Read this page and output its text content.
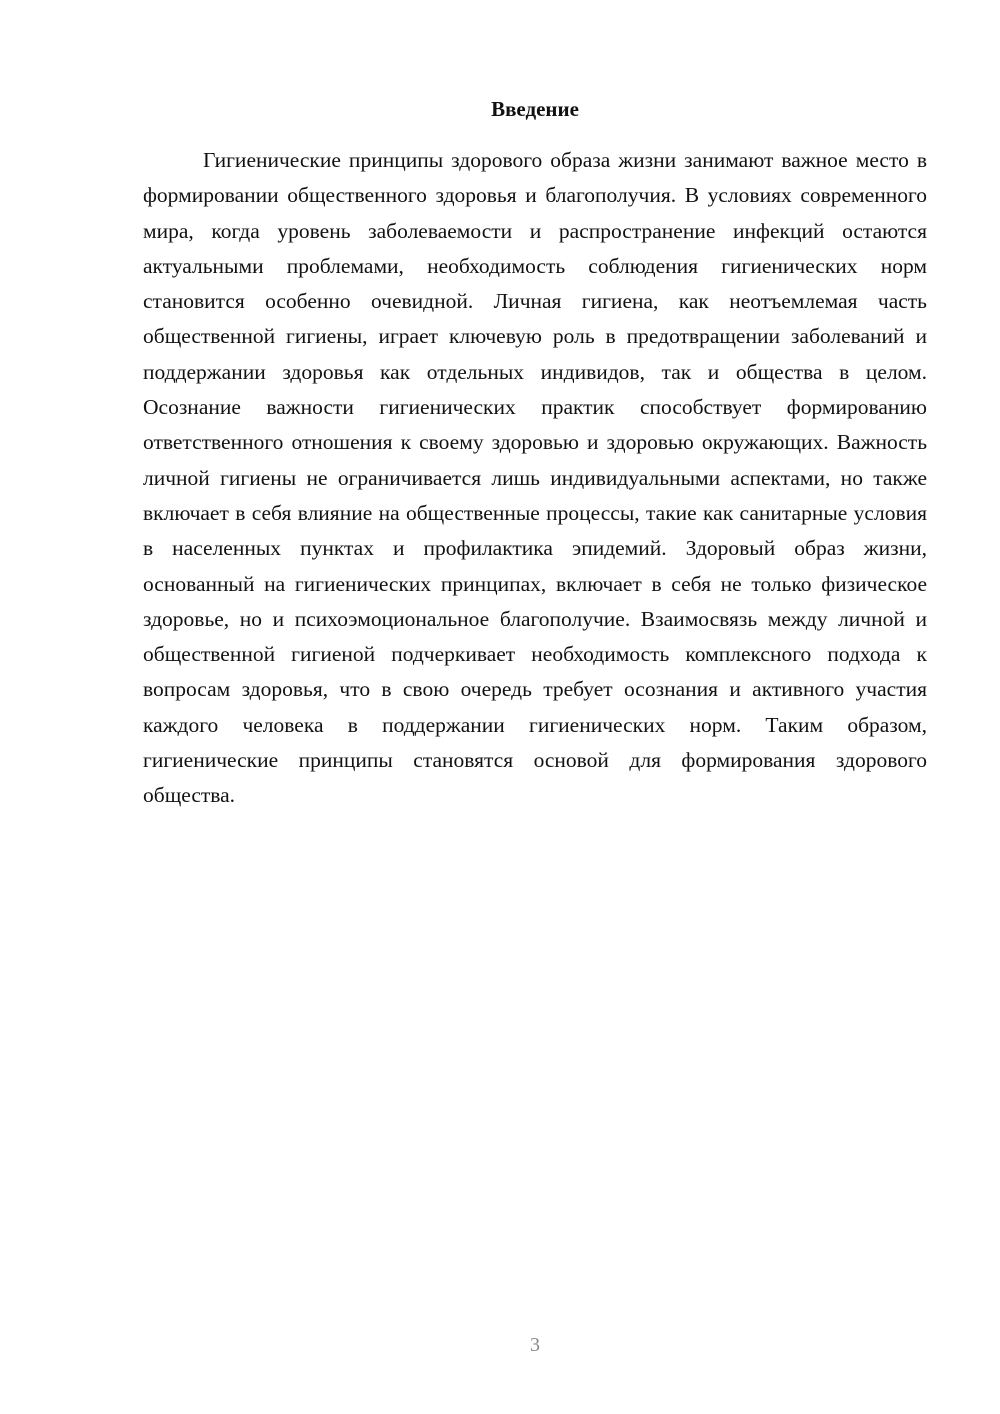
Введение

Гигиенические принципы здорового образа жизни занимают важное место в формировании общественного здоровья и благополучия. В условиях современного мира, когда уровень заболеваемости и распространение инфекций остаются актуальными проблемами, необходимость соблюдения гигиенических норм становится особенно очевидной. Личная гигиена, как неотъемлемая часть общественной гигиены, играет ключевую роль в предотвращении заболеваний и поддержании здоровья как отдельных индивидов, так и общества в целом. Осознание важности гигиенических практик способствует формированию ответственного отношения к своему здоровью и здоровью окружающих. Важность личной гигиены не ограничивается лишь индивидуальными аспектами, но также включает в себя влияние на общественные процессы, такие как санитарные условия в населенных пунктах и профилактика эпидемий. Здоровый образ жизни, основанный на гигиенических принципах, включает в себя не только физическое здоровье, но и психоэмоциональное благополучие. Взаимосвязь между личной и общественной гигиеной подчеркивает необходимость комплексного подхода к вопросам здоровья, что в свою очередь требует осознания и активного участия каждого человека в поддержании гигиенических норм. Таким образом, гигиенические принципы становятся основой для формирования здорового общества.

3
